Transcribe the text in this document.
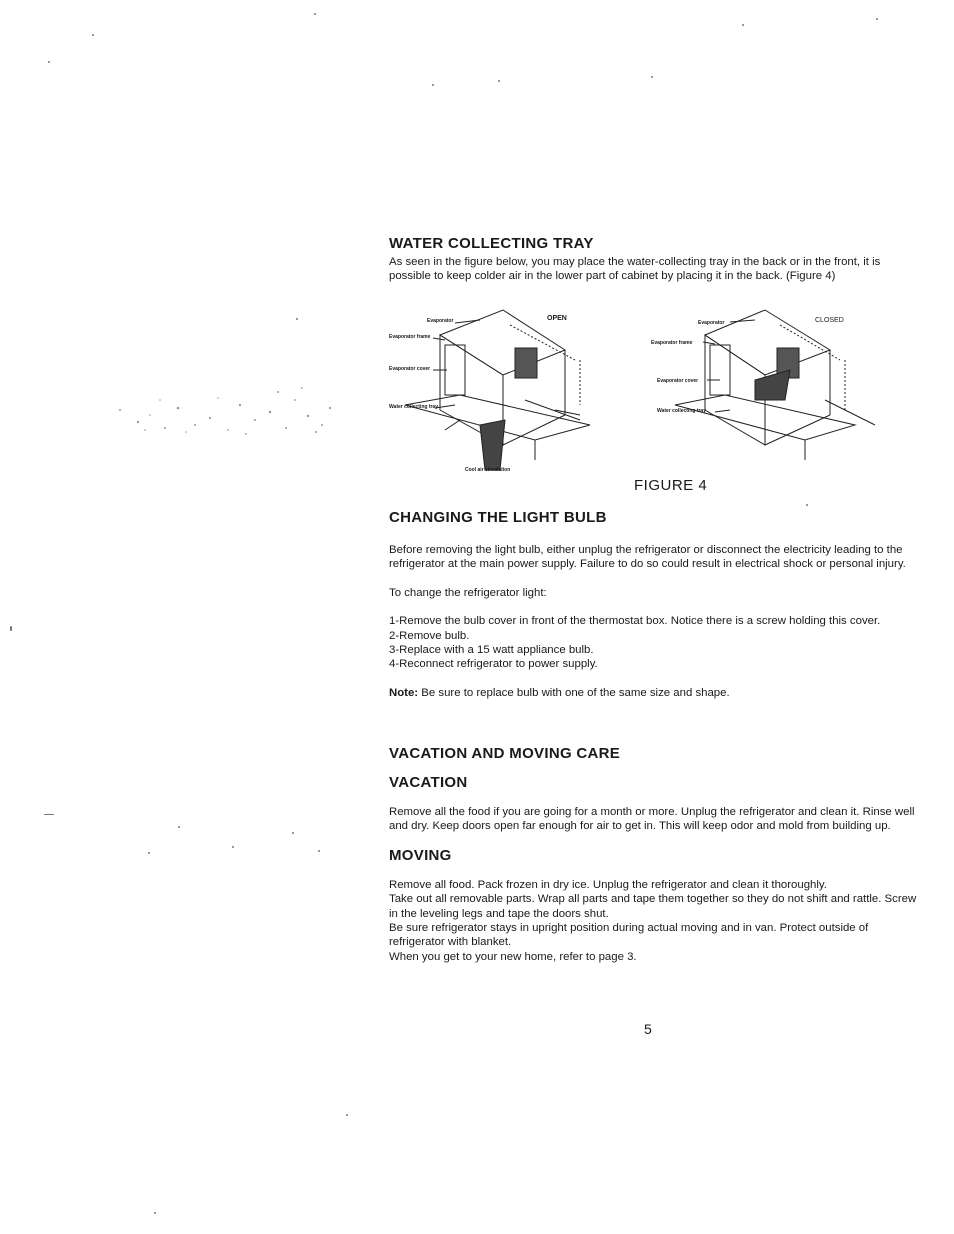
WATER COLLECTING TRAY

As seen in the figure below, you may place the water-collecting tray in the back or in the front, it is possible to keep colder air in the lower part of cabinet by placing it in the back. (Figure 4)

Evaporator
Evaporator frame
Evaporator cover
Water collecting tray
Cool air circulation
Evaporator
Evaporator frame
Evaporator cover
Water collecting tray
OPEN	CLOSED
FIGURE 4
CHANGING THE LIGHT BULB

Before removing the light bulb, either unplug the refrigerator or disconnect the electricity leading to the refrigerator at the main power supply. Failure to do so could result in electrical shock or personal injury.

To change the refrigerator light:

1-Remove the bulb cover in front of the thermostat box. Notice there is a screw holding this cover.

2-Remove bulb.

3-Replace with a 15 watt appliance bulb.

4-Reconnect refrigerator to power supply.

Note: Be sure to replace bulb with one of the same size and shape.

VACATION AND MOVING CARE
VACATION

Remove all the food if you are going for a month or more. Unplug the refrigerator and clean it. Rinse well and dry. Keep doors open far enough for air to get in. This will keep odor and mold from building up.

MOVING

Remove all food. Pack frozen in dry ice. Unplug the refrigerator and clean it thoroughly.

Take out all removable parts. Wrap all parts and tape them together so they do not shift and rattle. Screw in the leveling legs and tape the doors shut.

Be sure refrigerator stays in upright position during actual moving and in van. Protect outside of refrigerator with blanket.

When you get to your new home, refer to page 3.

5
